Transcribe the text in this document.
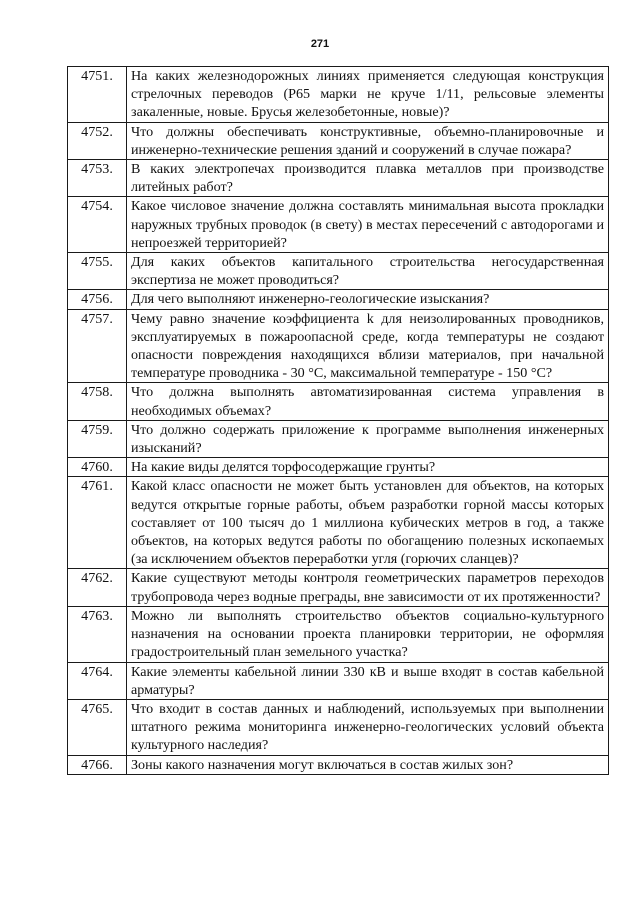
271
4751.	На каких железнодорожных линиях применяется следующая конструкция стрелочных переводов (Р65 марки не круче 1/11, рельсовые элементы закаленные, новые. Брусья железобетонные, новые)?
4752.	Что должны обеспечивать конструктивные, объемно-планировочные и инженерно-технические решения зданий и сооружений в случае пожара?
4753.	В каких электропечах производится плавка металлов при производстве литейных работ?
4754.	Какое числовое значение должна составлять минимальная высота прокладки наружных трубных проводок (в свету) в местах пересечений с автодорогами и непроезжей территорией?
4755.	Для каких объектов капитального строительства негосударственная экспертиза не может проводиться?
4756.	Для чего выполняют инженерно-геологические изыскания?
4757.	Чему равно значение коэффициента k для неизолированных проводников, эксплуатируемых в пожароопасной среде, когда температуры не создают опасности повреждения находящихся вблизи материалов, при начальной температуре проводника - 30 °С, максимальной температуре - 150 °С?
4758.	Что должна выполнять автоматизированная система управления в необходимых объемах?
4759.	Что должно содержать приложение к программе выполнения инженерных изысканий?
4760.	На какие виды делятся торфосодержащие грунты?
4761.	Какой класс опасности не может быть установлен для объектов, на которых ведутся открытые горные работы, объем разработки горной массы которых составляет от 100 тысяч до 1 миллиона кубических метров в год, а также объектов, на которых ведутся работы по обогащению полезных ископаемых (за исключением объектов переработки угля (горючих сланцев)?
4762.	Какие существуют методы контроля геометрических параметров переходов трубопровода через водные преграды, вне зависимости от их протяженности?
4763.	Можно ли выполнять строительство объектов социально-культурного назначения на основании проекта планировки территории, не оформляя градостроительный план земельного участка?
4764.	Какие элементы кабельной линии 330 кВ и выше входят в состав кабельной арматуры?
4765.	Что входит в состав данных и наблюдений, используемых при выполнении штатного режима мониторинга инженерно-геологических условий объекта культурного наследия?
4766.	Зоны какого назначения могут включаться в состав жилых зон?
